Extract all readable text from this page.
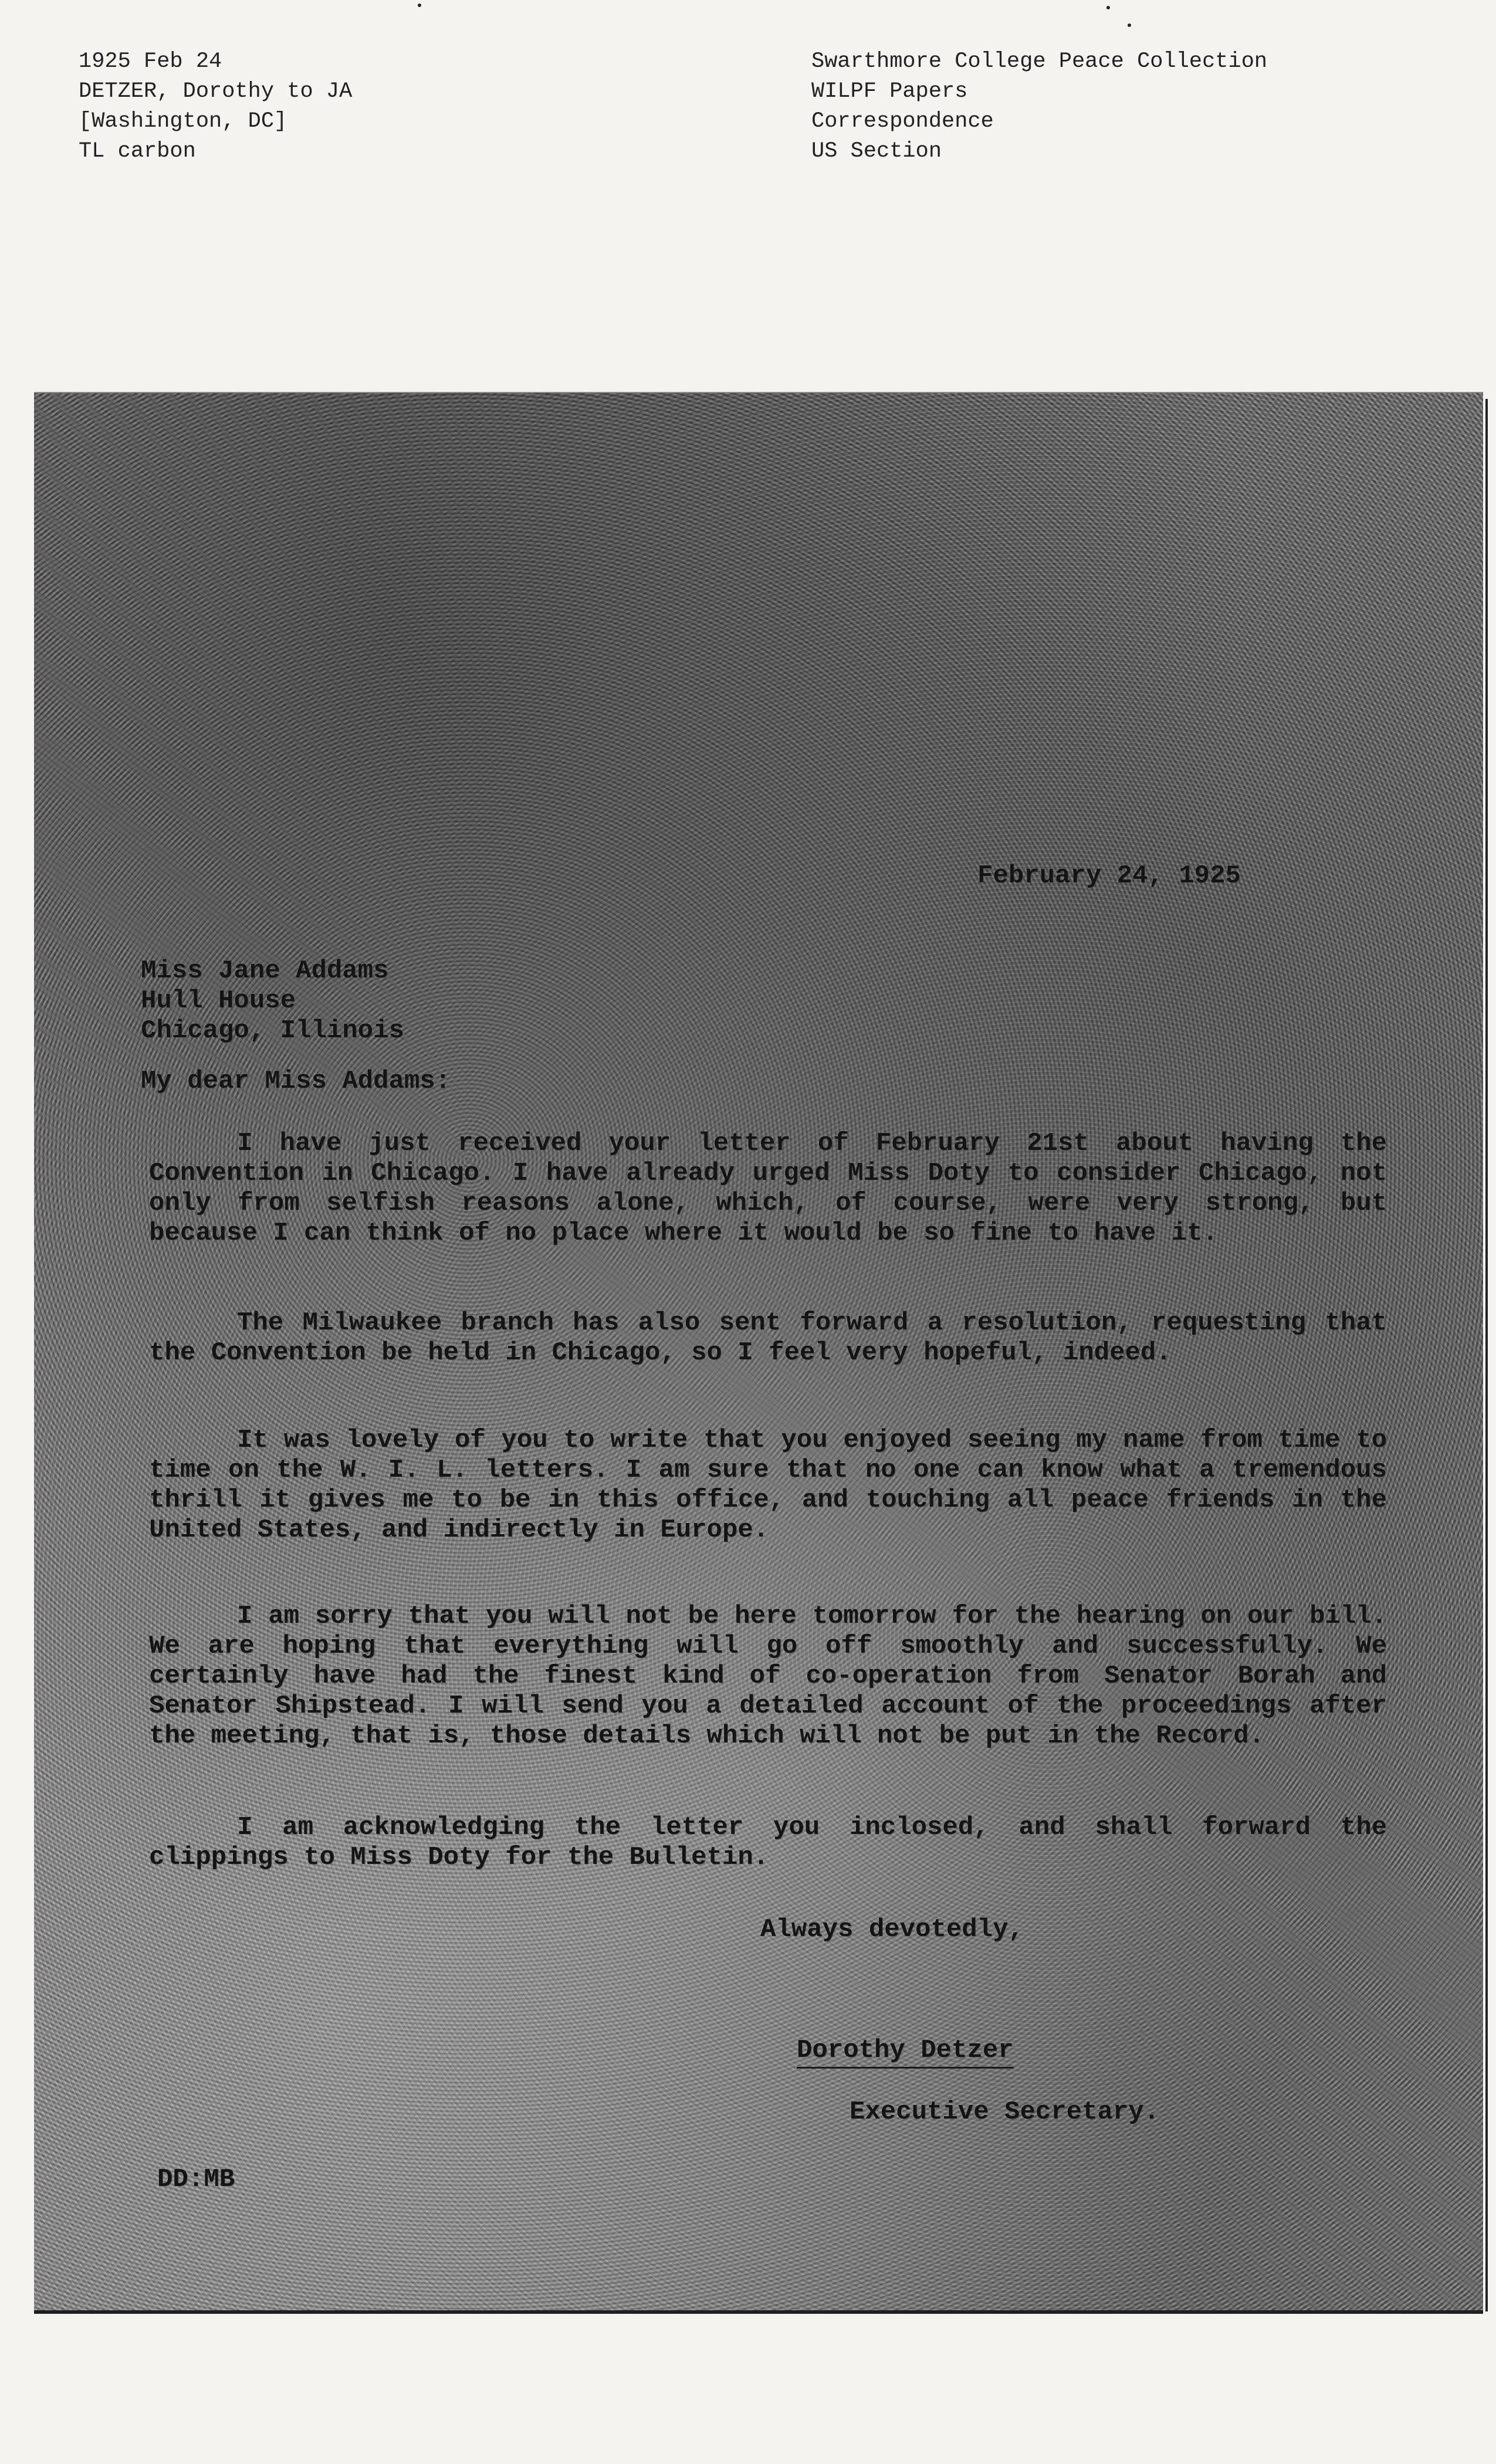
1925 Feb 24
DETZER, Dorothy to JA
[Washington, DC]
TL carbon
Swarthmore College Peace Collection
WILPF Papers
Correspondence
US Section
February 24, 1925
Miss Jane Addams
Hull House
Chicago, Illinois
My dear Miss Addams:
I have just received your letter of February 21st about having the Convention in Chicago. I have already urged Miss Doty to consider Chicago, not only from selfish reasons alone, which, of course, were very strong, but because I can think of no place where it would be so fine to have it.
The Milwaukee branch has also sent forward a resolution, requesting that the Convention be held in Chicago, so I feel very hopeful, indeed.
It was lovely of you to write that you enjoyed seeing my name from time to time on the W. I. L. letters. I am sure that no one can know what a tremendous thrill it gives me to be in this office, and touching all peace friends in the United States, and indirectly in Europe.
I am sorry that you will not be here tomorrow for the hearing on our bill. We are hoping that everything will go off smoothly and successfully. We certainly have had the finest kind of co-operation from Senator Borah and Senator Shipstead. I will send you a detailed account of the proceedings after the meeting, that is, those details which will not be put in the Record.
I am acknowledging the letter you inclosed, and shall forward the clippings to Miss Doty for the Bulletin.
Always devotedly,
Dorothy Detzer
Executive Secretary.
DD:MB
